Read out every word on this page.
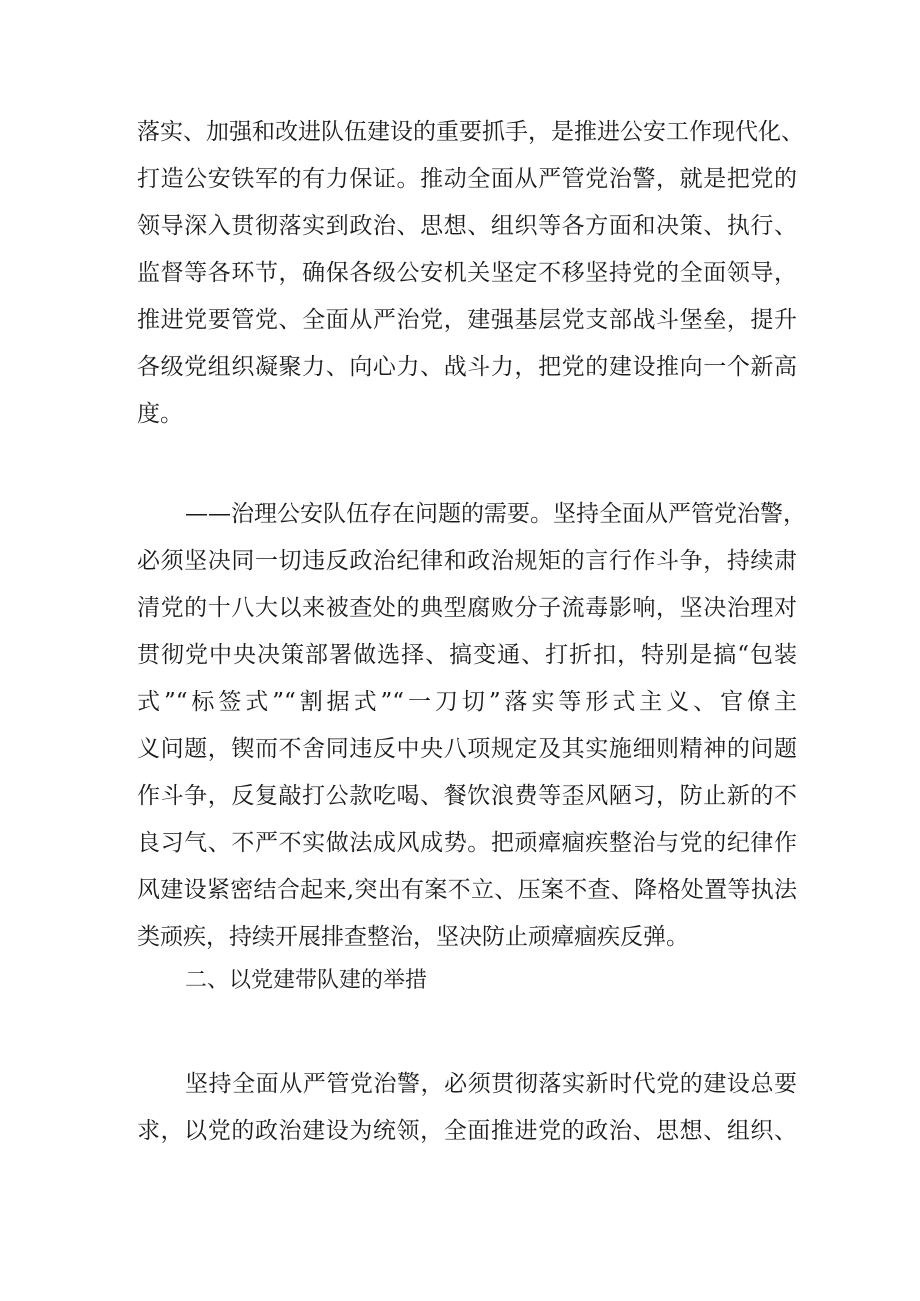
落实、加强和改进队伍建设的重要抓手，是推进公安工作现代化、
打造公安铁军的有力保证。推动全面从严管党治警，就是把党的
领导深入贯彻落实到政治、思想、组织等各方面和决策、执行、
监督等各环节，确保各级公安机关坚定不移坚持党的全面领导，
推进党要管党、全面从严治党，建强基层党支部战斗堡垒，提升
各级党组织凝聚力、向心力、战斗力，把党的建设推向一个新高
度。
——治理公安队伍存在问题的需要。坚持全面从严管党治警，
必须坚决同一切违反政治纪律和政治规矩的言行作斗争，持续肃
清党的十八大以来被查处的典型腐败分子流毒影响，坚决治理对
贯彻党中央决策部署做选择、搞变通、打折扣，特别是搞“包装
式”“标签式”“割据式”“一刀切”落实等形式主义、官僚主
义问题，锲而不舍同违反中央八项规定及其实施细则精神的问题
作斗争，反复敲打公款吃喝、餐饮浪费等歪风陋习，防止新的不
良习气、不严不实做法成风成势。把顽瘴痼疾整治与党的纪律作
风建设紧密结合起来,突出有案不立、压案不查、降格处置等执法
类顽疾，持续开展排查整治，坚决防止顽瘴痼疾反弹。
二、以党建带队建的举措
坚持全面从严管党治警，必须贯彻落实新时代党的建设总要
求，以党的政治建设为统领，全面推进党的政治、思想、组织、
